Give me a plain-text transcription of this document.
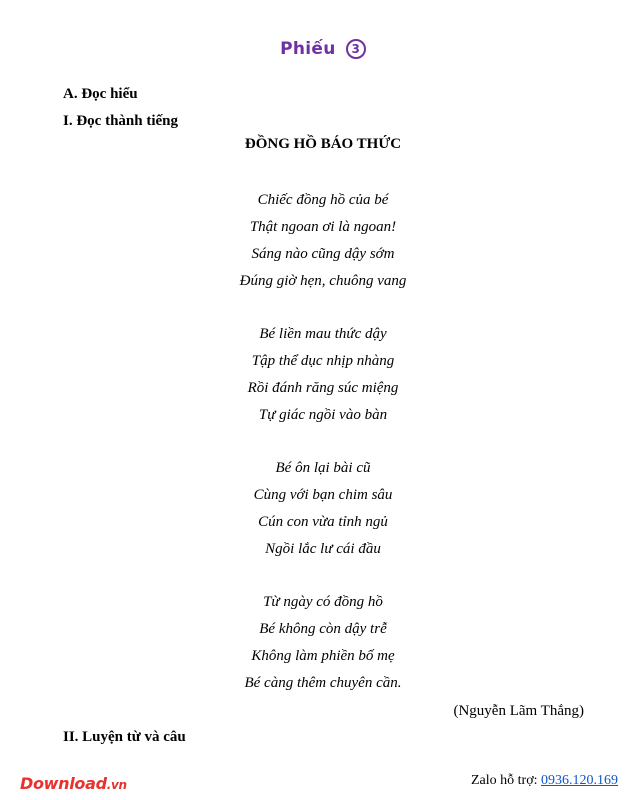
Phiếu 3
A. Đọc hiểu
I. Đọc thành tiếng
ĐỒNG HỒ BÁO THỨC
Chiếc đồng hồ của bé
Thật ngoan ơi là ngoan!
Sáng nào cũng dậy sớm
Đúng giờ hẹn, chuông vang
Bé liền mau thức dậy
Tập thể dục nhịp nhàng
Rồi đánh răng súc miệng
Tự giác ngồi vào bàn
Bé ôn lại bài cũ
Cùng với bạn chim sâu
Cún con vừa tỉnh ngủ
Ngồi lắc lư cái đầu
Từ ngày có đồng hồ
Bé không còn dậy trễ
Không làm phiền bố mẹ
Bé càng thêm chuyên cần.
(Nguyễn Lãm Thắng)
II. Luyện từ và câu
Download.vn	Zalo hỗ trợ: 0936.120.169
